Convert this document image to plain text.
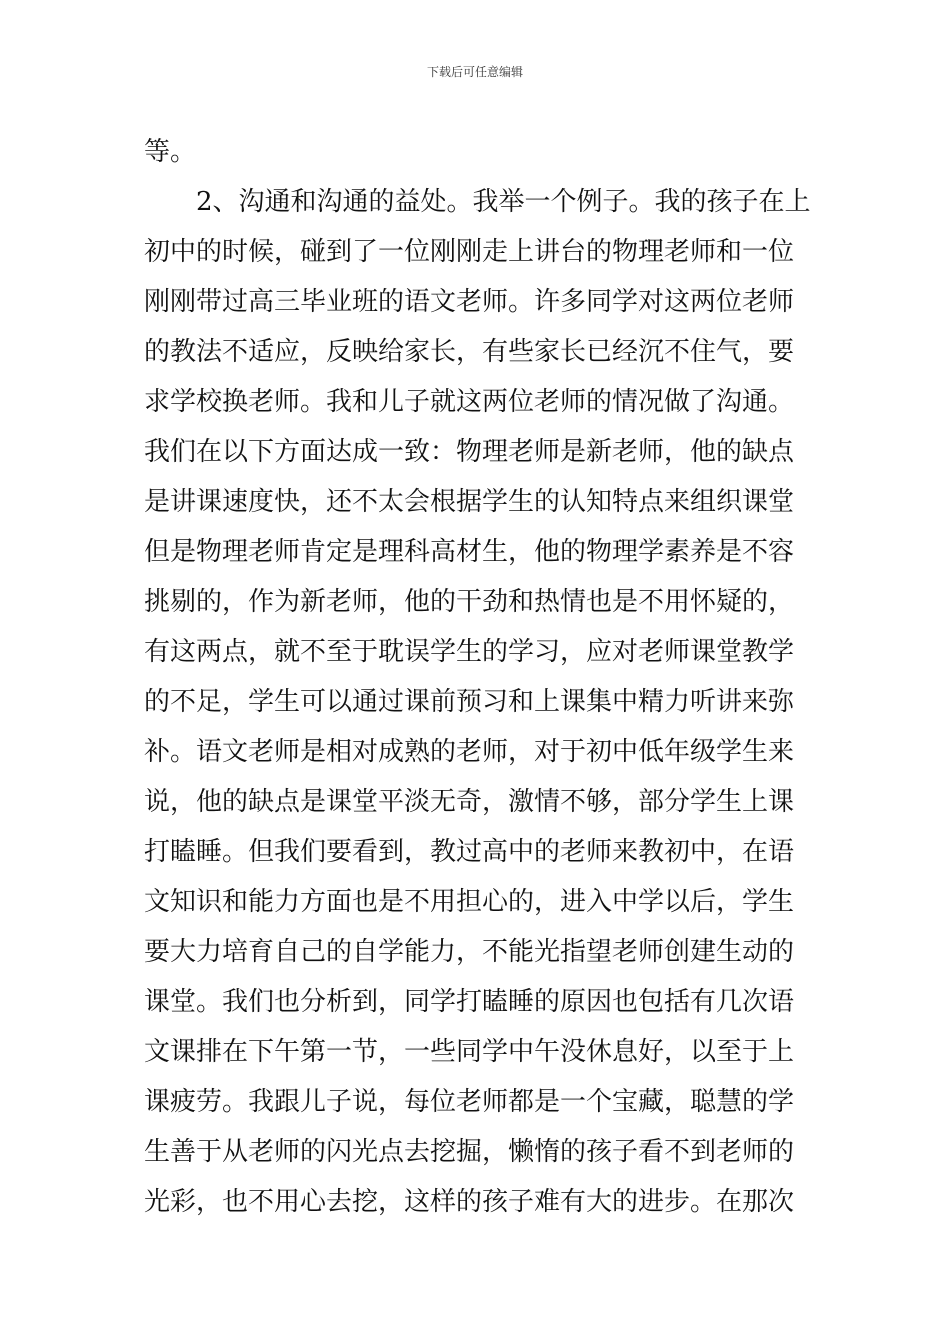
下载后可任意编辑
等。
　　2、沟通和沟通的益处。我举一个例子。我的孩子在上
初中的时候，碰到了一位刚刚走上讲台的物理老师和一位
刚刚带过高三毕业班的语文老师。许多同学对这两位老师
的教法不适应，反映给家长，有些家长已经沉不住气，要
求学校换老师。我和儿子就这两位老师的情况做了沟通。
我们在以下方面达成一致：物理老师是新老师，他的缺点
是讲课速度快，还不太会根据学生的认知特点来组织课堂
但是物理老师肯定是理科高材生，他的物理学素养是不容
挑剔的，作为新老师，他的干劲和热情也是不用怀疑的，
有这两点，就不至于耽误学生的学习，应对老师课堂教学
的不足，学生可以通过课前预习和上课集中精力听讲来弥
补。语文老师是相对成熟的老师，对于初中低年级学生来
说，他的缺点是课堂平淡无奇，激情不够，部分学生上课
打瞌睡。但我们要看到，教过高中的老师来教初中，在语
文知识和能力方面也是不用担心的，进入中学以后，学生
要大力培育自己的自学能力，不能光指望老师创建生动的
课堂。我们也分析到，同学打瞌睡的原因也包括有几次语
文课排在下午第一节，一些同学中午没休息好，以至于上
课疲劳。我跟儿子说，每位老师都是一个宝藏，聪慧的学
生善于从老师的闪光点去挖掘，懒惰的孩子看不到老师的
光彩，也不用心去挖，这样的孩子难有大的进步。在那次
